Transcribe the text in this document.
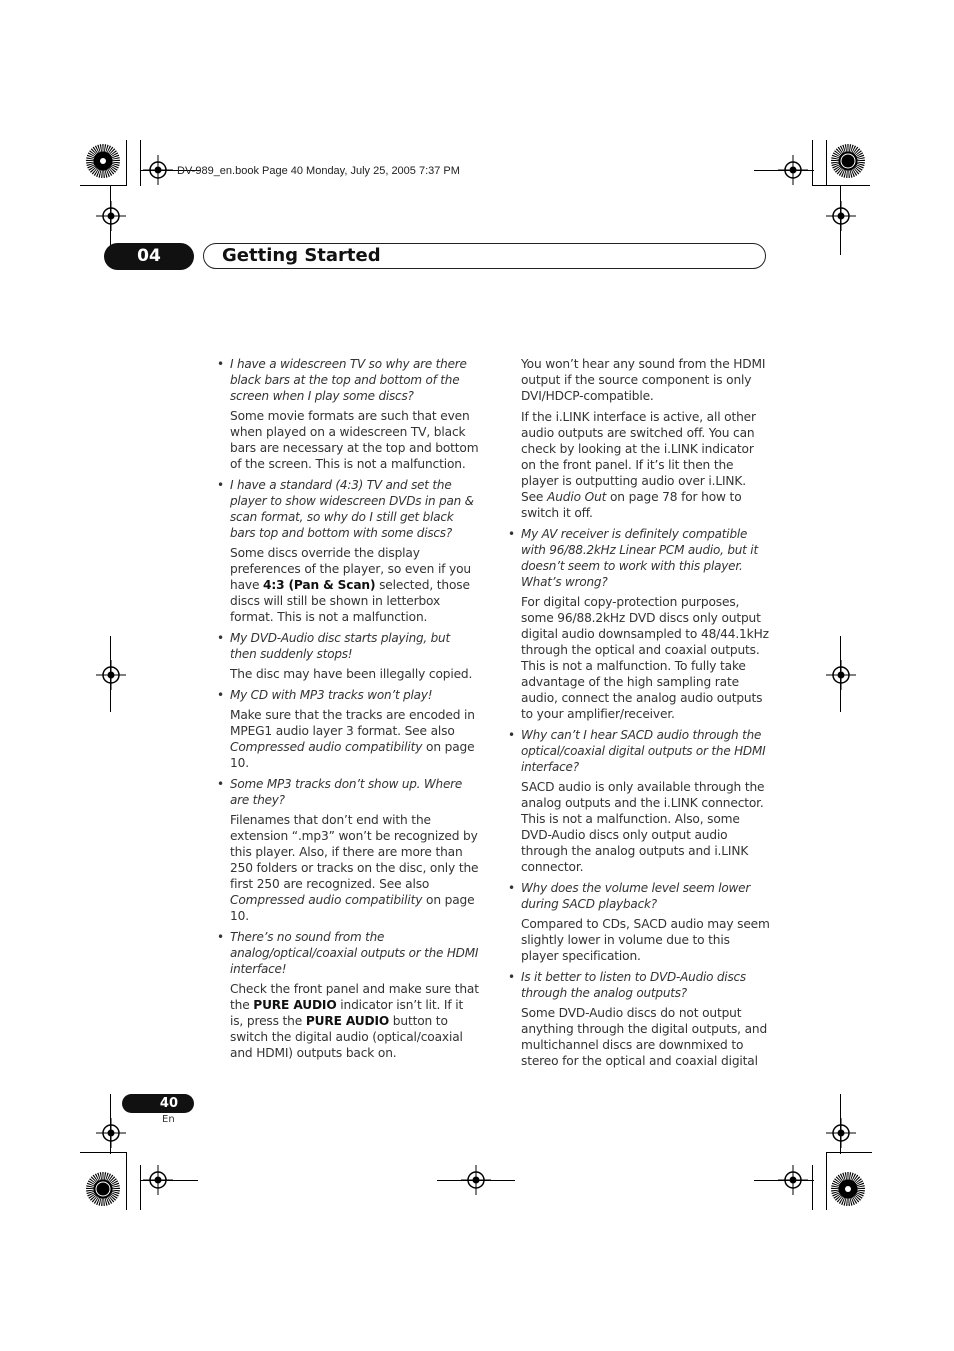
DV-989_en.book Page 40 Monday, July 25, 2005 7:37 PM
04	Getting Started

• I have a widescreen TV so why are there black bars at the top and bottom of the screen when I play some discs?

Some movie formats are such that even when played on a widescreen TV, black bars are necessary at the top and bottom of the screen. This is not a malfunction.

• I have a standard (4:3) TV and set the player to show widescreen DVDs in pan & scan format, so why do I still get black bars top and bottom with some discs?

Some discs override the display preferences of the player, so even if you have 4:3 (Pan & Scan) selected, those discs will still be shown in letterbox format. This is not a malfunction.

• My DVD-Audio disc starts playing, but then suddenly stops!

The disc may have been illegally copied.

• My CD with MP3 tracks won’t play!

Make sure that the tracks are encoded in MPEG1 audio layer 3 format. See also Compressed audio compatibility on page 10.

• Some MP3 tracks don’t show up. Where are they?

Filenames that don’t end with the extension “.mp3” won’t be recognized by this player. Also, if there are more than 250 folders or tracks on the disc, only the first 250 are recognized. See also Compressed audio compatibility on page 10.

• There’s no sound from the analog/optical/coaxial outputs or the HDMI interface!

Check the front panel and make sure that the PURE AUDIO indicator isn’t lit. If it is, press the PURE AUDIO button to switch the digital audio (optical/coaxial and HDMI) outputs back on.

You won’t hear any sound from the HDMI output if the source component is only DVI/HDCP-compatible.

If the i.LINK interface is active, all other audio outputs are switched off. You can check by looking at the i.LINK indicator on the front panel. If it’s lit then the player is outputting audio over i.LINK. See Audio Out on page 78 for how to switch it off.

• My AV receiver is definitely compatible with 96/88.2kHz Linear PCM audio, but it doesn’t seem to work with this player. What’s wrong?

For digital copy-protection purposes, some 96/88.2kHz DVD discs only output digital audio downsampled to 48/44.1kHz through the optical and coaxial outputs. This is not a malfunction. To fully take advantage of the high sampling rate audio, connect the analog audio outputs to your amplifier/receiver.

• Why can’t I hear SACD audio through the optical/coaxial digital outputs or the HDMI interface?

SACD audio is only available through the analog outputs and the i.LINK connector. This is not a malfunction. Also, some DVD-Audio discs only output audio through the analog outputs and i.LINK connector.

• Why does the volume level seem lower during SACD playback?

Compared to CDs, SACD audio may seem slightly lower in volume due to this player specification.

• Is it better to listen to DVD-Audio discs through the analog outputs?

Some DVD-Audio discs do not output anything through the digital outputs, and multichannel discs are downmixed to stereo for the optical and coaxial digital

40
En
